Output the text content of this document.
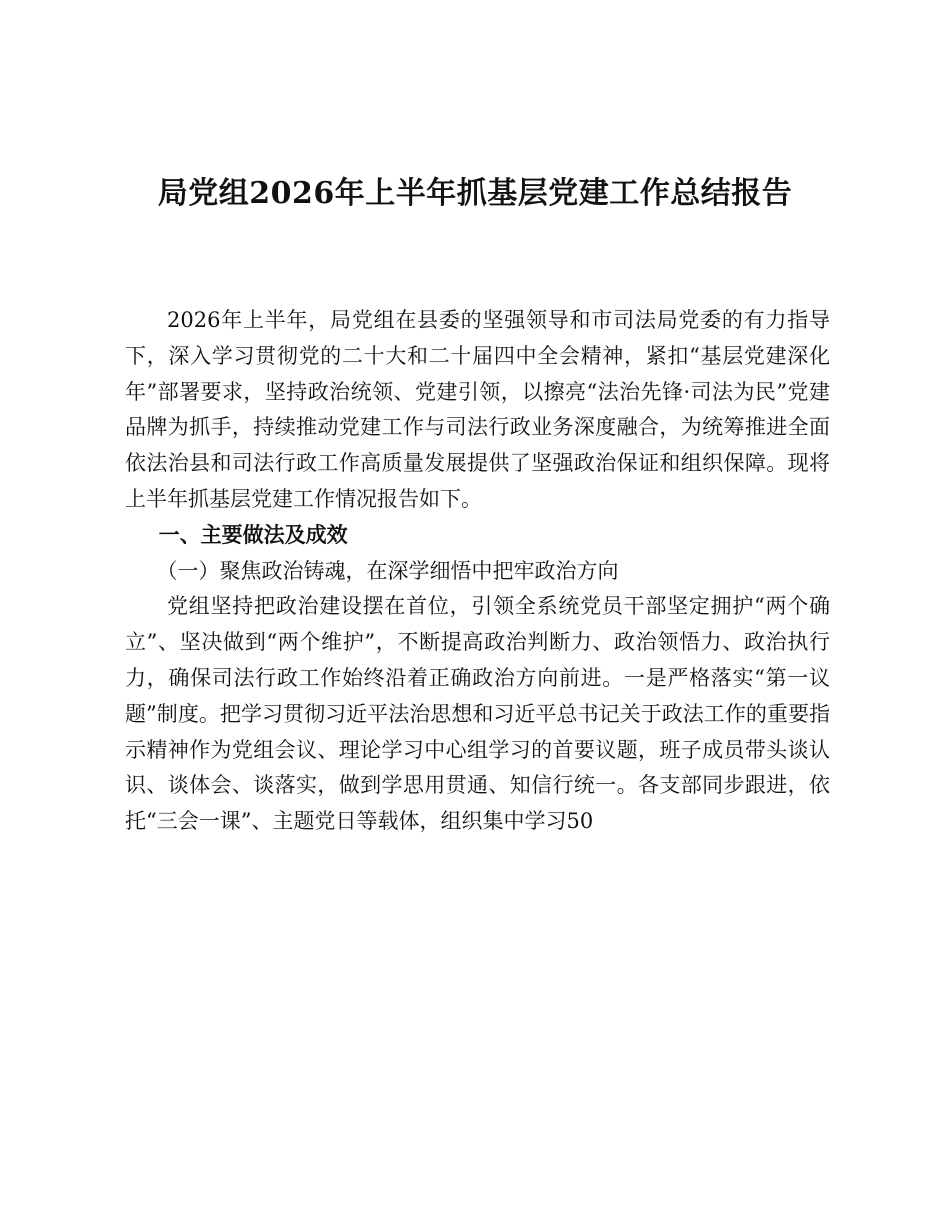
局党组2026年上半年抓基层党建工作总结报告

2026年上半年，局党组在县委的坚强领导和市司法局党委的有力指导下，深入学习贯彻党的二十大和二十届四中全会精神，紧扣“基层党建深化年”部署要求，坚持政治统领、党建引领，以擦亮“法治先锋·司法为民”党建品牌为抓手，持续推动党建工作与司法行政业务深度融合，为统筹推进全面依法治县和司法行政工作高质量发展提供了坚强政治保证和组织保障。现将上半年抓基层党建工作情况报告如下。

一、主要做法及成效

（一）聚焦政治铸魂，在深学细悟中把牢政治方向

党组坚持把政治建设摆在首位，引领全系统党员干部坚定拥护“两个确立”、坚决做到“两个维护”，不断提高政治判断力、政治领悟力、政治执行力，确保司法行政工作始终沿着正确政治方向前进。一是严格落实“第一议题”制度。把学习贯彻习近平法治思想和习近平总书记关于政法工作的重要指示精神作为党组会议、理论学习中心组学习的首要议题，班子成员带头谈认识、谈体会、谈落实，做到学思用贯通、知信行统一。各支部同步跟进，依托“三会一课”、主题党日等载体，组织集中学习50
